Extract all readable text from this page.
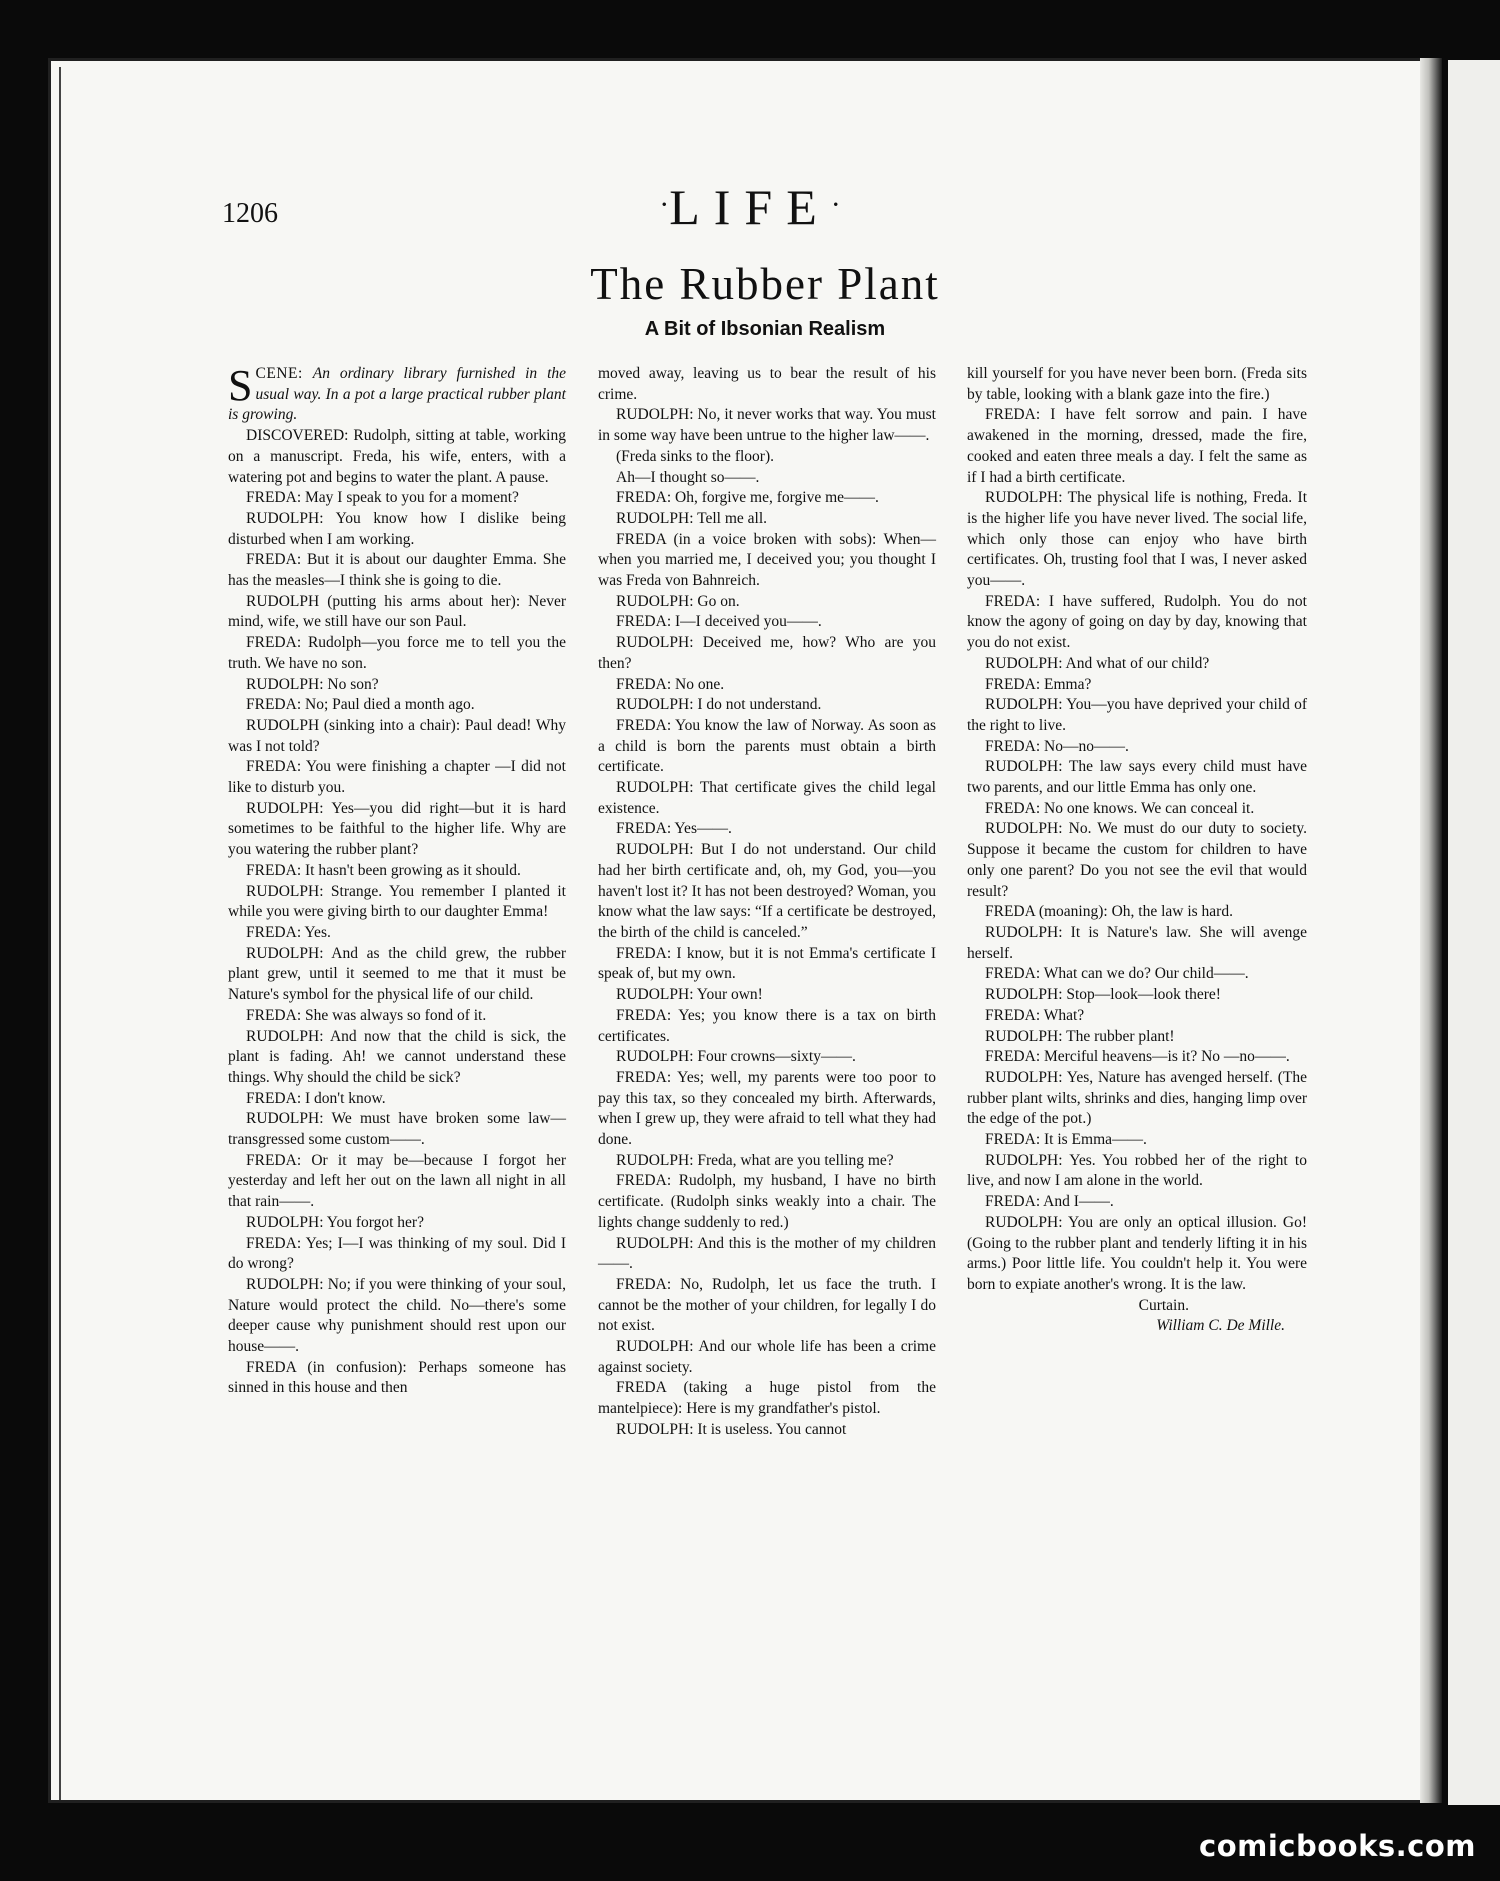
1206	·LIFE·
The Rubber Plant
A Bit of Ibsonian Realism

SCENE: An ordinary library furnished in the usual way. In a pot a large practical rubber plant is growing.

DISCOVERED: Rudolph, sitting at table, working on a manuscript. Freda, his wife, enters, with a watering pot and begins to water the plant. A pause.

FREDA: May I speak to you for a moment?

RUDOLPH: You know how I dislike being disturbed when I am working.

FREDA: But it is about our daughter Emma. She has the measles—I think she is going to die.

RUDOLPH (putting his arms about her): Never mind, wife, we still have our son Paul.

FREDA: Rudolph—you force me to tell you the truth. We have no son.

RUDOLPH: No son?

FREDA: No; Paul died a month ago.

RUDOLPH (sinking into a chair): Paul dead! Why was I not told?

FREDA: You were finishing a chapter —I did not like to disturb you.

RUDOLPH: Yes—you did right—but it is hard sometimes to be faithful to the higher life. Why are you watering the rubber plant?

FREDA: It hasn't been growing as it should.

RUDOLPH: Strange. You remember I planted it while you were giving birth to our daughter Emma!

FREDA: Yes.

RUDOLPH: And as the child grew, the rubber plant grew, until it seemed to me that it must be Nature's symbol for the physical life of our child.

FREDA: She was always so fond of it.

RUDOLPH: And now that the child is sick, the plant is fading. Ah! we cannot understand these things. Why should the child be sick?

FREDA: I don't know.

RUDOLPH: We must have broken some law—transgressed some custom——.

FREDA: Or it may be—because I forgot her yesterday and left her out on the lawn all night in all that rain——.

RUDOLPH: You forgot her?

FREDA: Yes; I—I was thinking of my soul. Did I do wrong?

RUDOLPH: No; if you were thinking of your soul, Nature would protect the child. No—there's some deeper cause why punishment should rest upon our house——.

FREDA (in confusion): Perhaps someone has sinned in this house and then

moved away, leaving us to bear the result of his crime.

RUDOLPH: No, it never works that way. You must in some way have been untrue to the higher law——.

(Freda sinks to the floor).

Ah—I thought so——.

FREDA: Oh, forgive me, forgive me——.

RUDOLPH: Tell me all.

FREDA (in a voice broken with sobs): When—when you married me, I deceived you; you thought I was Freda von Bahnreich.

RUDOLPH: Go on.

FREDA: I—I deceived you——.

RUDOLPH: Deceived me, how? Who are you then?

FREDA: No one.

RUDOLPH: I do not understand.

FREDA: You know the law of Norway. As soon as a child is born the parents must obtain a birth certificate.

RUDOLPH: That certificate gives the child legal existence.

FREDA: Yes——.

RUDOLPH: But I do not understand. Our child had her birth certificate and, oh, my God, you—you haven't lost it? It has not been destroyed? Woman, you know what the law says: “If a certificate be destroyed, the birth of the child is canceled.”

FREDA: I know, but it is not Emma's certificate I speak of, but my own.

RUDOLPH: Your own!

FREDA: Yes; you know there is a tax on birth certificates.

RUDOLPH: Four crowns—sixty——.

FREDA: Yes; well, my parents were too poor to pay this tax, so they concealed my birth. Afterwards, when I grew up, they were afraid to tell what they had done.

RUDOLPH: Freda, what are you telling me?

FREDA: Rudolph, my husband, I have no birth certificate. (Rudolph sinks weakly into a chair. The lights change suddenly to red.)

RUDOLPH: And this is the mother of my children——.

FREDA: No, Rudolph, let us face the truth. I cannot be the mother of your children, for legally I do not exist.

RUDOLPH: And our whole life has been a crime against society.

FREDA (taking a huge pistol from the mantelpiece): Here is my grandfather's pistol.

RUDOLPH: It is useless. You cannot

kill yourself for you have never been born. (Freda sits by table, looking with a blank gaze into the fire.)

FREDA: I have felt sorrow and pain. I have awakened in the morning, dressed, made the fire, cooked and eaten three meals a day. I felt the same as if I had a birth certificate.

RUDOLPH: The physical life is nothing, Freda. It is the higher life you have never lived. The social life, which only those can enjoy who have birth certificates. Oh, trusting fool that I was, I never asked you——.

FREDA: I have suffered, Rudolph. You do not know the agony of going on day by day, knowing that you do not exist.

RUDOLPH: And what of our child?

FREDA: Emma?

RUDOLPH: You—you have deprived your child of the right to live.

FREDA: No—no——.

RUDOLPH: The law says every child must have two parents, and our little Emma has only one.

FREDA: No one knows. We can conceal it.

RUDOLPH: No. We must do our duty to society. Suppose it became the custom for children to have only one parent? Do you not see the evil that would result?

FREDA (moaning): Oh, the law is hard.

RUDOLPH: It is Nature's law. She will avenge herself.

FREDA: What can we do? Our child——.

RUDOLPH: Stop—look—look there!

FREDA: What?

RUDOLPH: The rubber plant!

FREDA: Merciful heavens—is it? No —no——.

RUDOLPH: Yes, Nature has avenged herself. (The rubber plant wilts, shrinks and dies, hanging limp over the edge of the pot.)

FREDA: It is Emma——.

RUDOLPH: Yes. You robbed her of the right to live, and now I am alone in the world.

FREDA: And I——.

RUDOLPH: You are only an optical illusion. Go! (Going to the rubber plant and tenderly lifting it in his arms.) Poor little life. You couldn't help it. You were born to expiate another's wrong. It is the law.

Curtain.

William C. De Mille.

comicbooks.com
